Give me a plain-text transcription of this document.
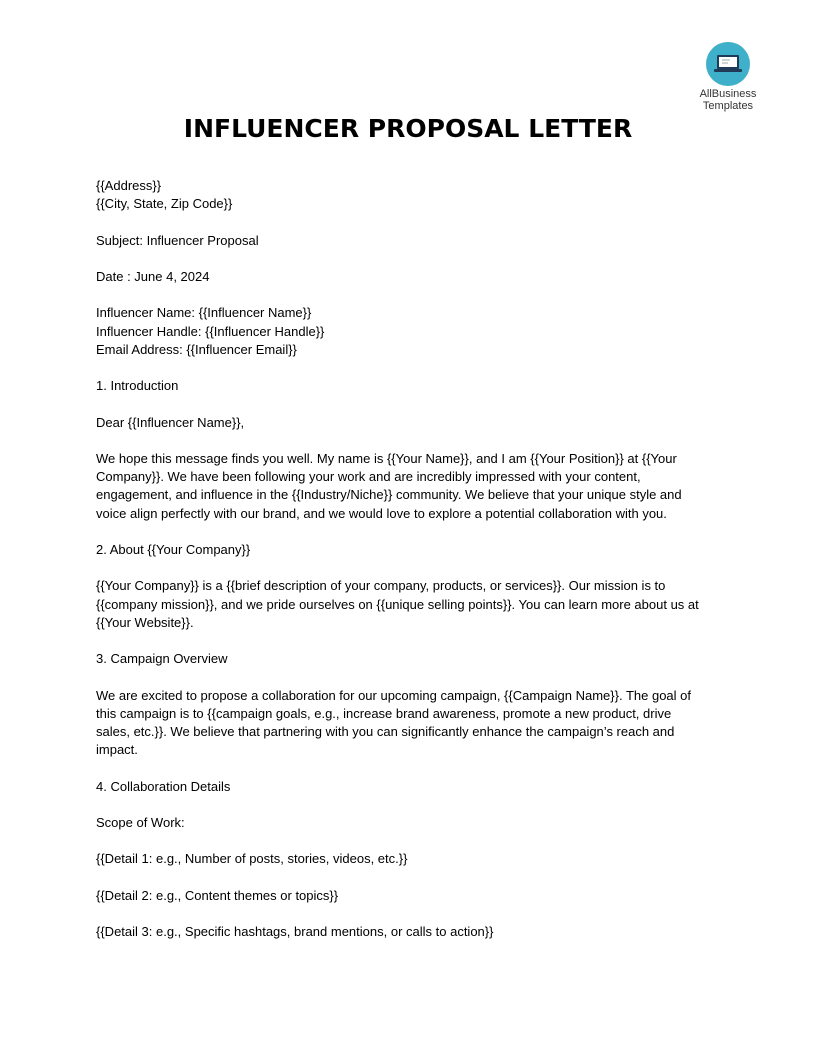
AllBusiness
Templates
INFLUENCER PROPOSAL LETTER

{{Address}}
{{City, State, Zip Code}}

Subject: Influencer Proposal

Date : June 4, 2024

Influencer Name: {{Influencer Name}}
Influencer Handle: {{Influencer Handle}}
Email Address: {{Influencer Email}}

1. Introduction

Dear {{Influencer Name}},

We hope this message finds you well. My name is {{Your Name}}, and I am {{Your Position}} at {{Your
Company}}. We have been following your work and are incredibly impressed with your content,
engagement, and influence in the {{Industry/Niche}} community. We believe that your unique style and
voice align perfectly with our brand, and we would love to explore a potential collaboration with you.

2. About {{Your Company}}

{{Your Company}} is a {{brief description of your company, products, or services}}. Our mission is to
{{company mission}}, and we pride ourselves on {{unique selling points}}. You can learn more about us at
{{Your Website}}.

3. Campaign Overview

We are excited to propose a collaboration for our upcoming campaign, {{Campaign Name}}. The goal of
this campaign is to {{campaign goals, e.g., increase brand awareness, promote a new product, drive
sales, etc.}}. We believe that partnering with you can significantly enhance the campaign’s reach and
impact.

4. Collaboration Details

Scope of Work:

{{Detail 1: e.g., Number of posts, stories, videos, etc.}}

{{Detail 2: e.g., Content themes or topics}}

{{Detail 3: e.g., Specific hashtags, brand mentions, or calls to action}}
